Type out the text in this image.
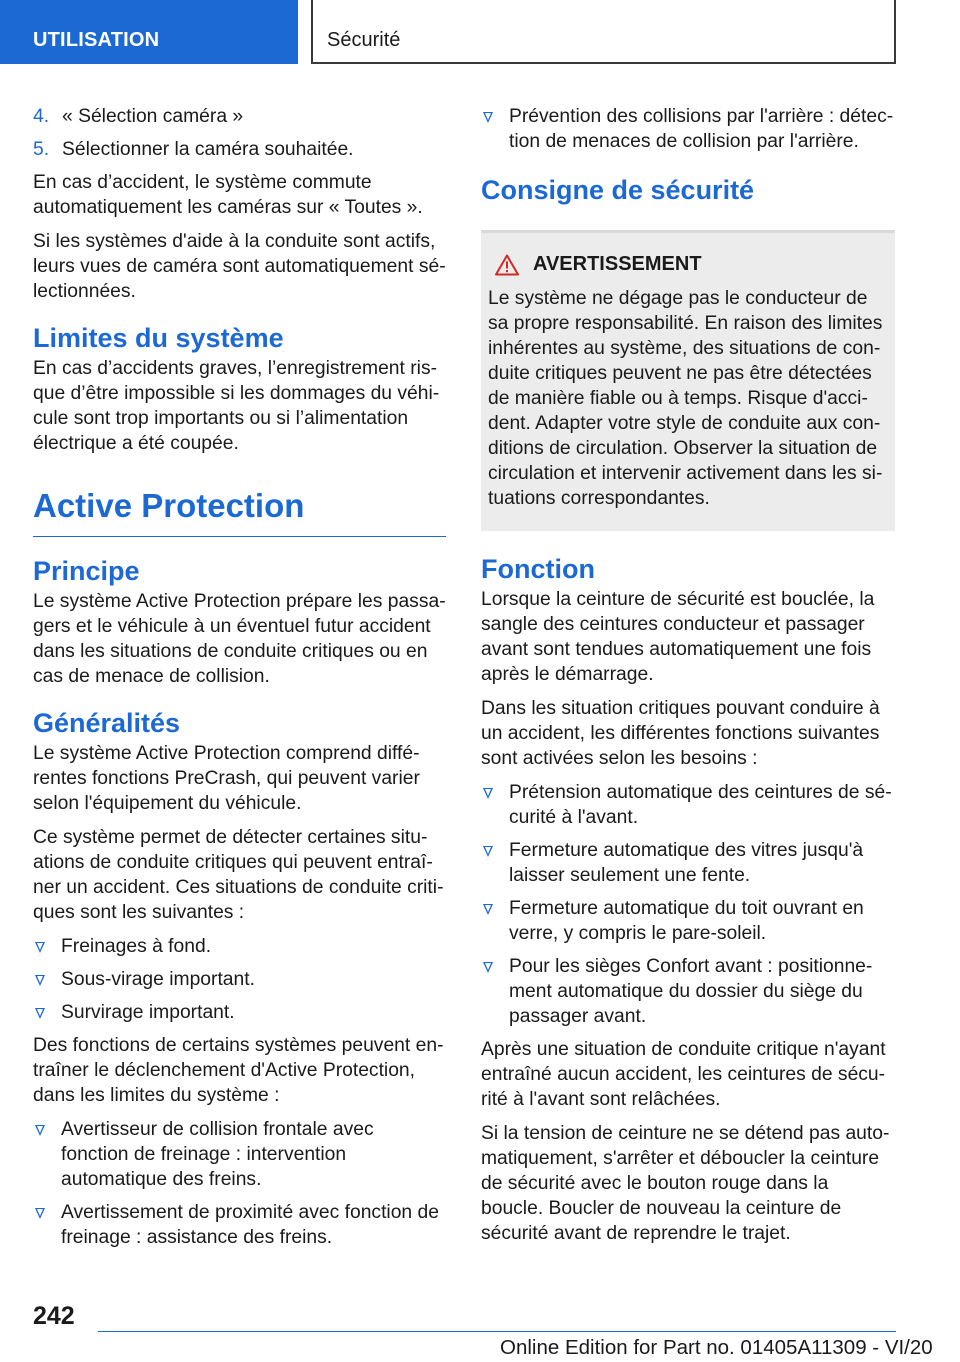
UTILISATION	Sécurité
4. « Sélection caméra »
5. Sélectionner la caméra souhaitée.

En cas d’accident, le système commute automatiquement les caméras sur « Toutes ».

Si les systèmes d'aide à la conduite sont actifs, leurs vues de caméra sont automatiquement sélectionnées.

Limites du système

En cas d’accidents graves, l’enregistrement risque d’être impossible si les dommages du véhicule sont trop importants ou si l’alimentation électrique a été coupée.

Active Protection
Principe

Le système Active Protection prépare les passagers et le véhicule à un éventuel futur accident dans les situations de conduite critiques ou en cas de menace de collision.

Généralités

Le système Active Protection comprend différentes fonctions PreCrash, qui peuvent varier selon l'équipement du véhicule.

Ce système permet de détecter certaines situations de conduite critiques qui peuvent entraîner un accident. Ces situations de conduite critiques sont les suivantes :

Freinages à fond.
Sous-virage important.
Survirage important.

Des fonctions de certains systèmes peuvent entraîner le déclenchement d'Active Protection, dans les limites du système :

Avertisseur de collision frontale avec fonction de freinage : intervention automatique des freins.
Avertissement de proximité avec fonction de freinage : assistance des freins.
Prévention des collisions par l'arrière : détection de menaces de collision par l'arrière.
Consigne de sécurité
AVERTISSEMENT

Le système ne dégage pas le conducteur de sa propre responsabilité. En raison des limites inhérentes au système, des situations de conduite critiques peuvent ne pas être détectées de manière fiable ou à temps. Risque d'accident. Adapter votre style de conduite aux conditions de circulation. Observer la situation de circulation et intervenir activement dans les situations correspondantes.

Fonction

Lorsque la ceinture de sécurité est bouclée, la sangle des ceintures conducteur et passager avant sont tendues automatiquement une fois après le démarrage.

Dans les situation critiques pouvant conduire à un accident, les différentes fonctions suivantes sont activées selon les besoins :

Prétension automatique des ceintures de sécurité à l'avant.
Fermeture automatique des vitres jusqu'à laisser seulement une fente.
Fermeture automatique du toit ouvrant en verre, y compris le pare-soleil.
Pour les sièges Confort avant : positionnement automatique du dossier du siège du passager avant.

Après une situation de conduite critique n'ayant entraîné aucun accident, les ceintures de sécurité à l'avant sont relâchées.

Si la tension de ceinture ne se détend pas automatiquement, s'arrêter et déboucler la ceinture de sécurité avec le bouton rouge dans la boucle. Boucler de nouveau la ceinture de sécurité avant de reprendre le trajet.

242
Online Edition for Part no. 01405A11309 - VI/20
